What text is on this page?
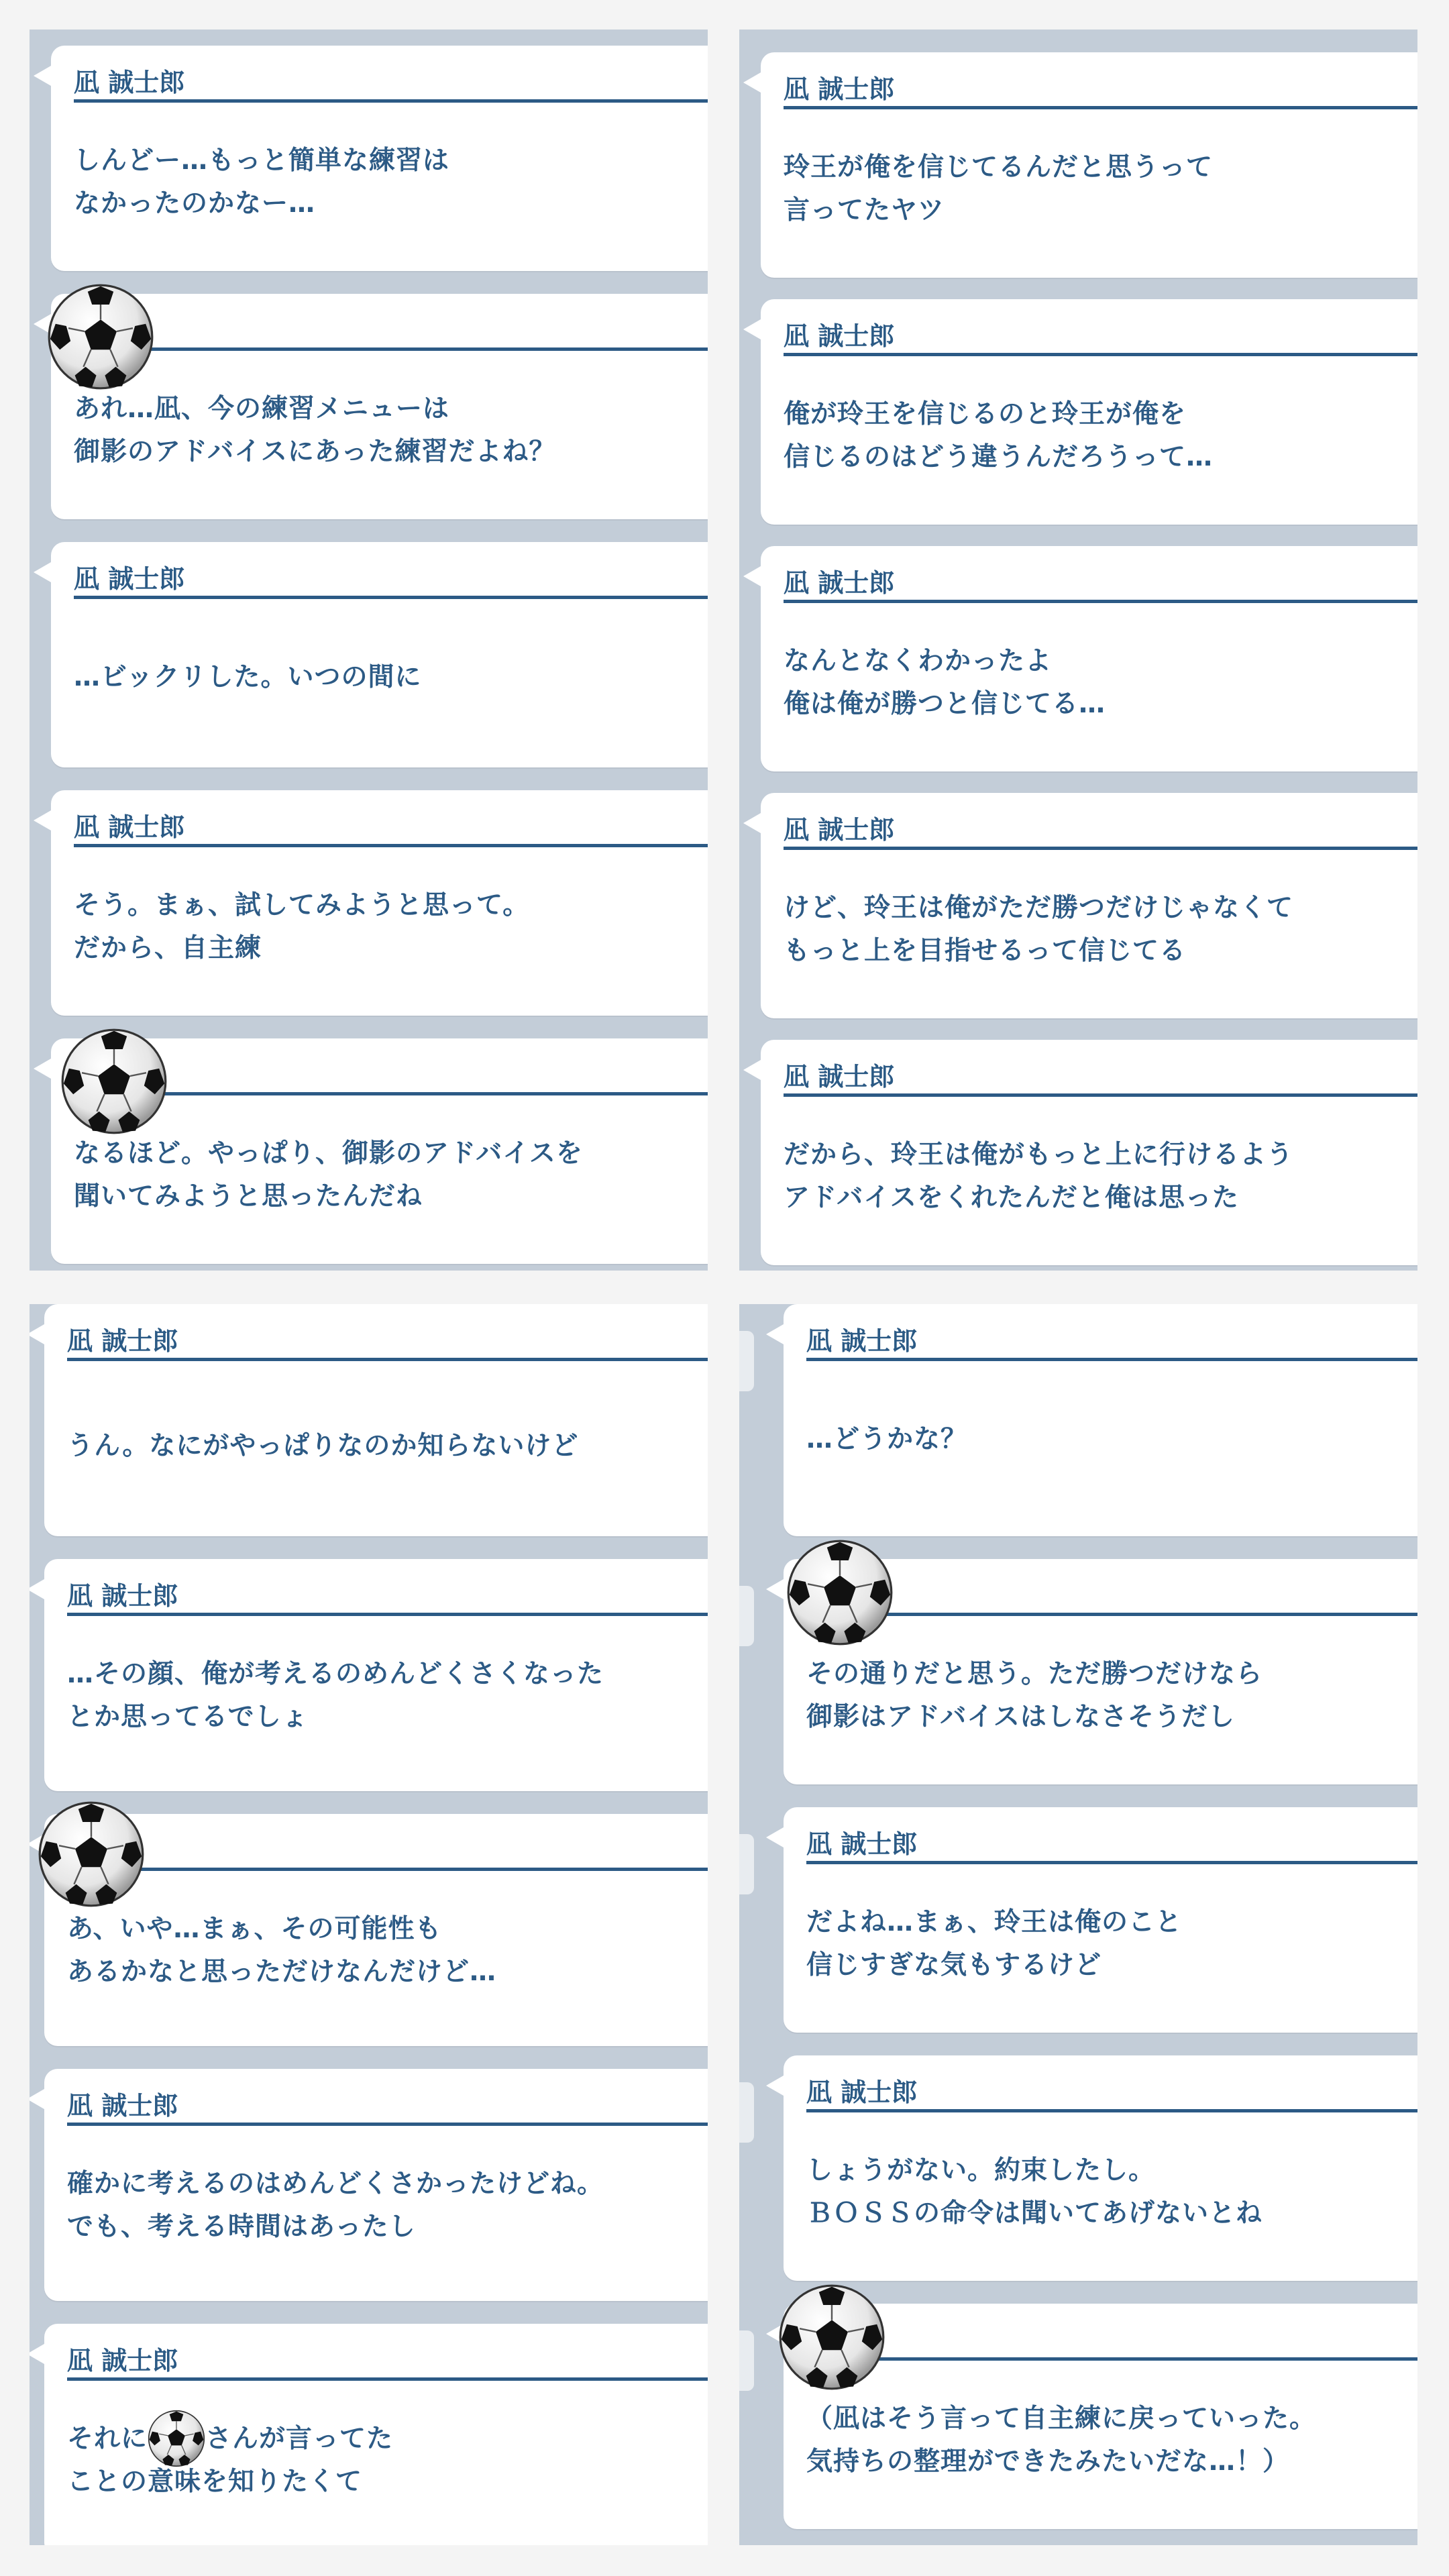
凪 誠士郎
しんどー…もっと簡単な練習は
なかったのかなー…
あれ…凪、今の練習メニューは
御影のアドバイスにあった練習だよね？
凪 誠士郎
…ビックリした。いつの間に
凪 誠士郎
そう。まぁ、試してみようと思って。
だから、自主練
なるほど。やっぱり、御影のアドバイスを
聞いてみようと思ったんだね
凪 誠士郎
玲王が俺を信じてるんだと思うって
言ってたヤツ
凪 誠士郎
俺が玲王を信じるのと玲王が俺を
信じるのはどう違うんだろうって…
凪 誠士郎
なんとなくわかったよ
俺は俺が勝つと信じてる…
凪 誠士郎
けど、玲王は俺がただ勝つだけじゃなくて
もっと上を目指せるって信じてる
凪 誠士郎
だから、玲王は俺がもっと上に行けるよう
アドバイスをくれたんだと俺は思った
凪 誠士郎
うん。なにがやっぱりなのか知らないけど
凪 誠士郎
…その顔、俺が考えるのめんどくさくなった
とか思ってるでしょ
あ、いや…まぁ、その可能性も
あるかなと思っただけなんだけど…
凪 誠士郎
確かに考えるのはめんどくさかったけどね。
でも、考える時間はあったし
凪 誠士郎
それに さんが言ってた
ことの意味を知りたくて
凪 誠士郎
…どうかな？
その通りだと思う。ただ勝つだけなら
御影はアドバイスはしなさそうだし
凪 誠士郎
だよね…まぁ、玲王は俺のこと
信じすぎな気もするけど
凪 誠士郎
しょうがない。約束したし。
ＢＯＳＳの命令は聞いてあげないとね
（凪はそう言って自主練に戻っていった。
気持ちの整理ができたみたいだな…！）
